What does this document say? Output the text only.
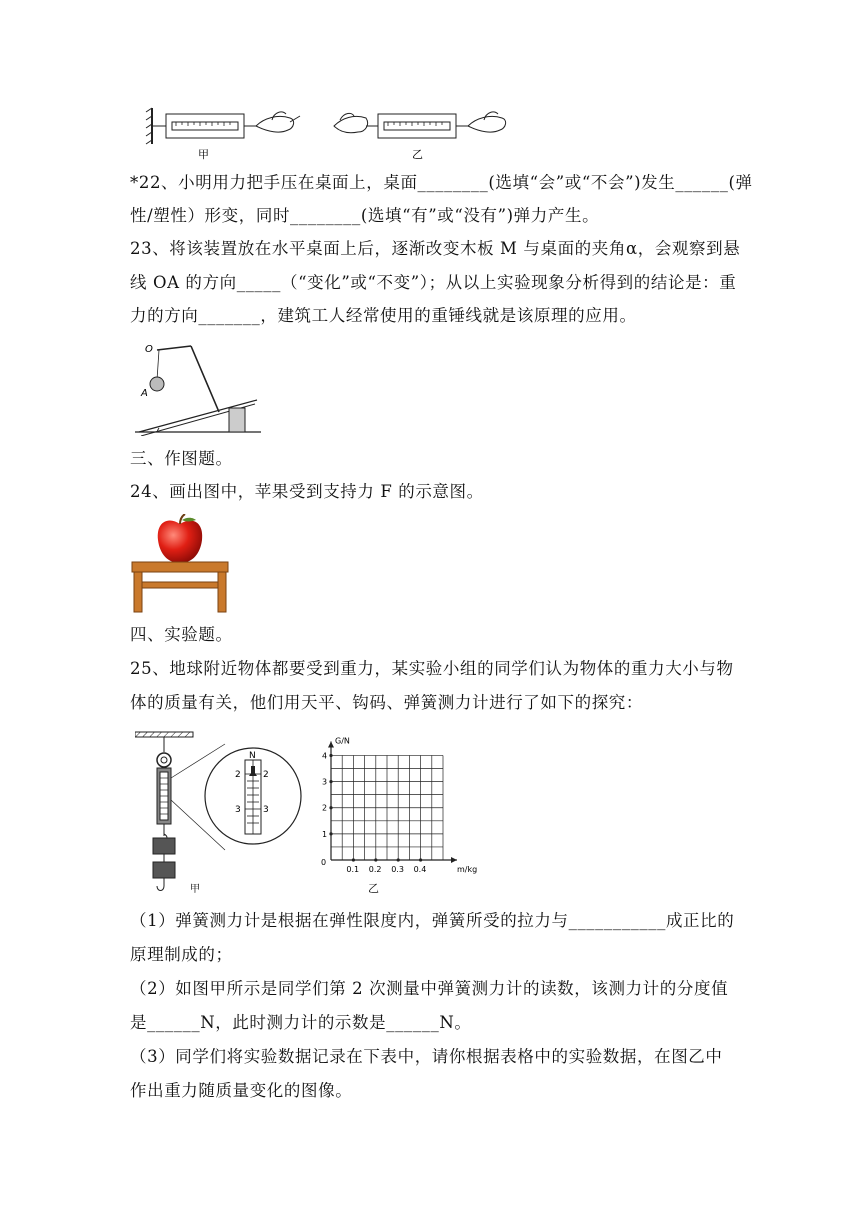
甲	乙
*22、小明用力把手压在桌面上，桌面________(选填“会”或“不会”)发生______(弹
性/塑性）形变，同时________(选填“有”或“没有”)弹力产生。
23、将该装置放在水平桌面上后，逐渐改变木板 M 与桌面的夹角α，会观察到悬
线 OA 的方向_____（“变化”或“不变”）；从以上实验现象分析得到的结论是：重
力的方向_______，建筑工人经常使用的重锤线就是该原理的应用。
O
A
三、作图题。
24、画出图中，苹果受到支持力 F 的示意图。
四、实验题。
25、地球附近物体都要受到重力，某实验小组的同学们认为物体的重力大小与物
体的质量有关，他们用天平、钩码、弹簧测力计进行了如下的探究：
N
2 2
3 3
甲
0.1 0.2 0.3 0.4
1
2
3
4
0
m/kg
G/N
乙
（1）弹簧测力计是根据在弹性限度内，弹簧所受的拉力与___________成正比的
原理制成的；
（2）如图甲所示是同学们第 2 次测量中弹簧测力计的读数，该测力计的分度值
是______N，此时测力计的示数是______N。
（3）同学们将实验数据记录在下表中，请你根据表格中的实验数据，在图乙中
作出重力随质量变化的图像。
